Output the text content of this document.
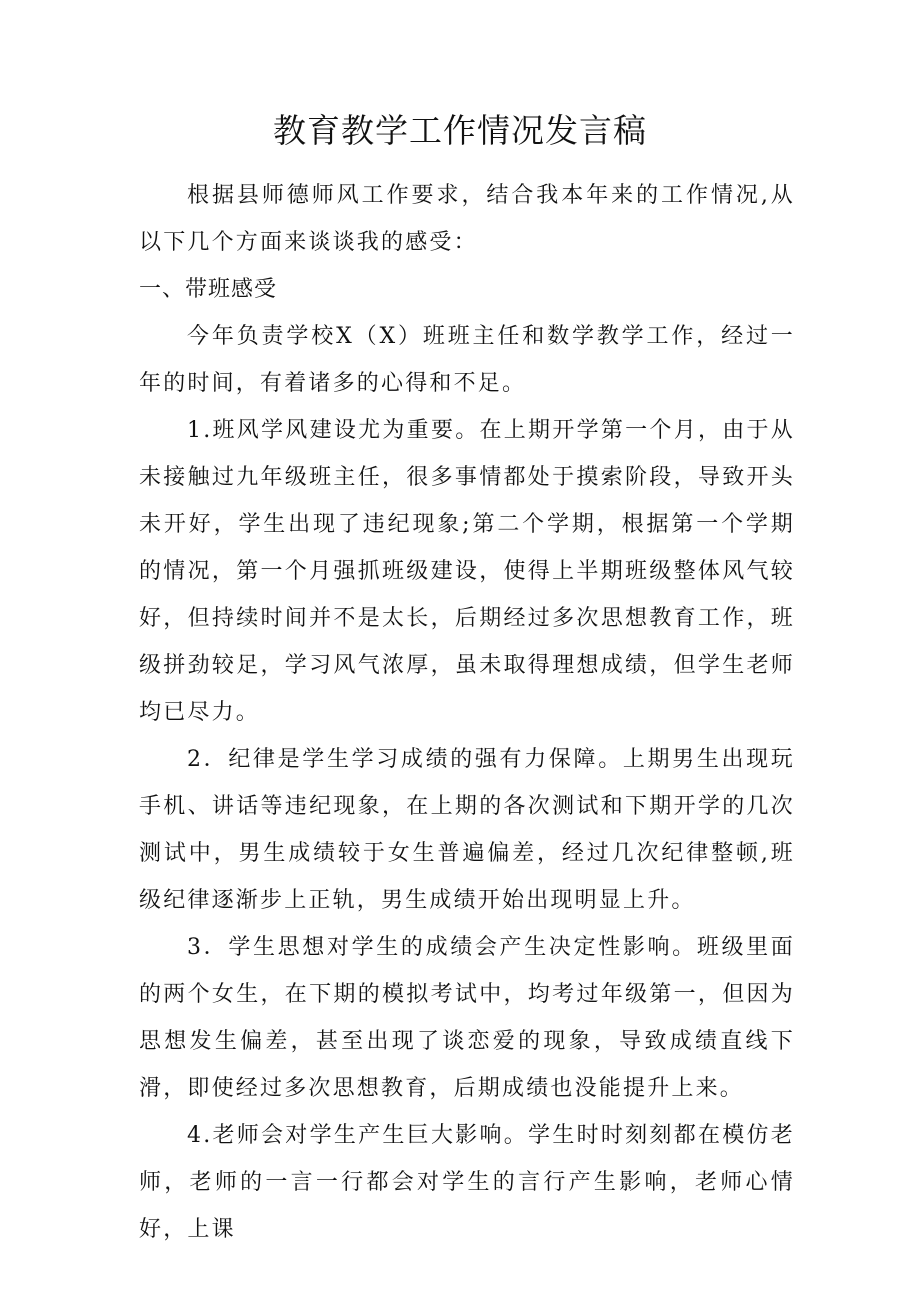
教育教学工作情况发言稿

根据县师德师风工作要求，结合我本年来的工作情况,从以下几个方面来谈谈我的感受：

一、带班感受

今年负责学校X（X）班班主任和数学教学工作，经过一年的时间，有着诸多的心得和不足。

1.班风学风建设尤为重要。在上期开学第一个月，由于从未接触过九年级班主任，很多事情都处于摸索阶段，导致开头未开好，学生出现了违纪现象;第二个学期，根据第一个学期的情况，第一个月强抓班级建设，使得上半期班级整体风气较好，但持续时间并不是太长，后期经过多次思想教育工作，班级拼劲较足，学习风气浓厚，虽未取得理想成绩，但学生老师均已尽力。

2．纪律是学生学习成绩的强有力保障。上期男生出现玩手机、讲话等违纪现象，在上期的各次测试和下期开学的几次测试中，男生成绩较于女生普遍偏差，经过几次纪律整顿,班级纪律逐渐步上正轨，男生成绩开始出现明显上升。

3．学生思想对学生的成绩会产生决定性影响。班级里面的两个女生，在下期的模拟考试中，均考过年级第一，但因为思想发生偏差，甚至出现了谈恋爱的现象，导致成绩直线下滑，即使经过多次思想教育，后期成绩也没能提升上来。

4.老师会对学生产生巨大影响。学生时时刻刻都在模仿老师，老师的一言一行都会对学生的言行产生影响，老师心情好，上课
